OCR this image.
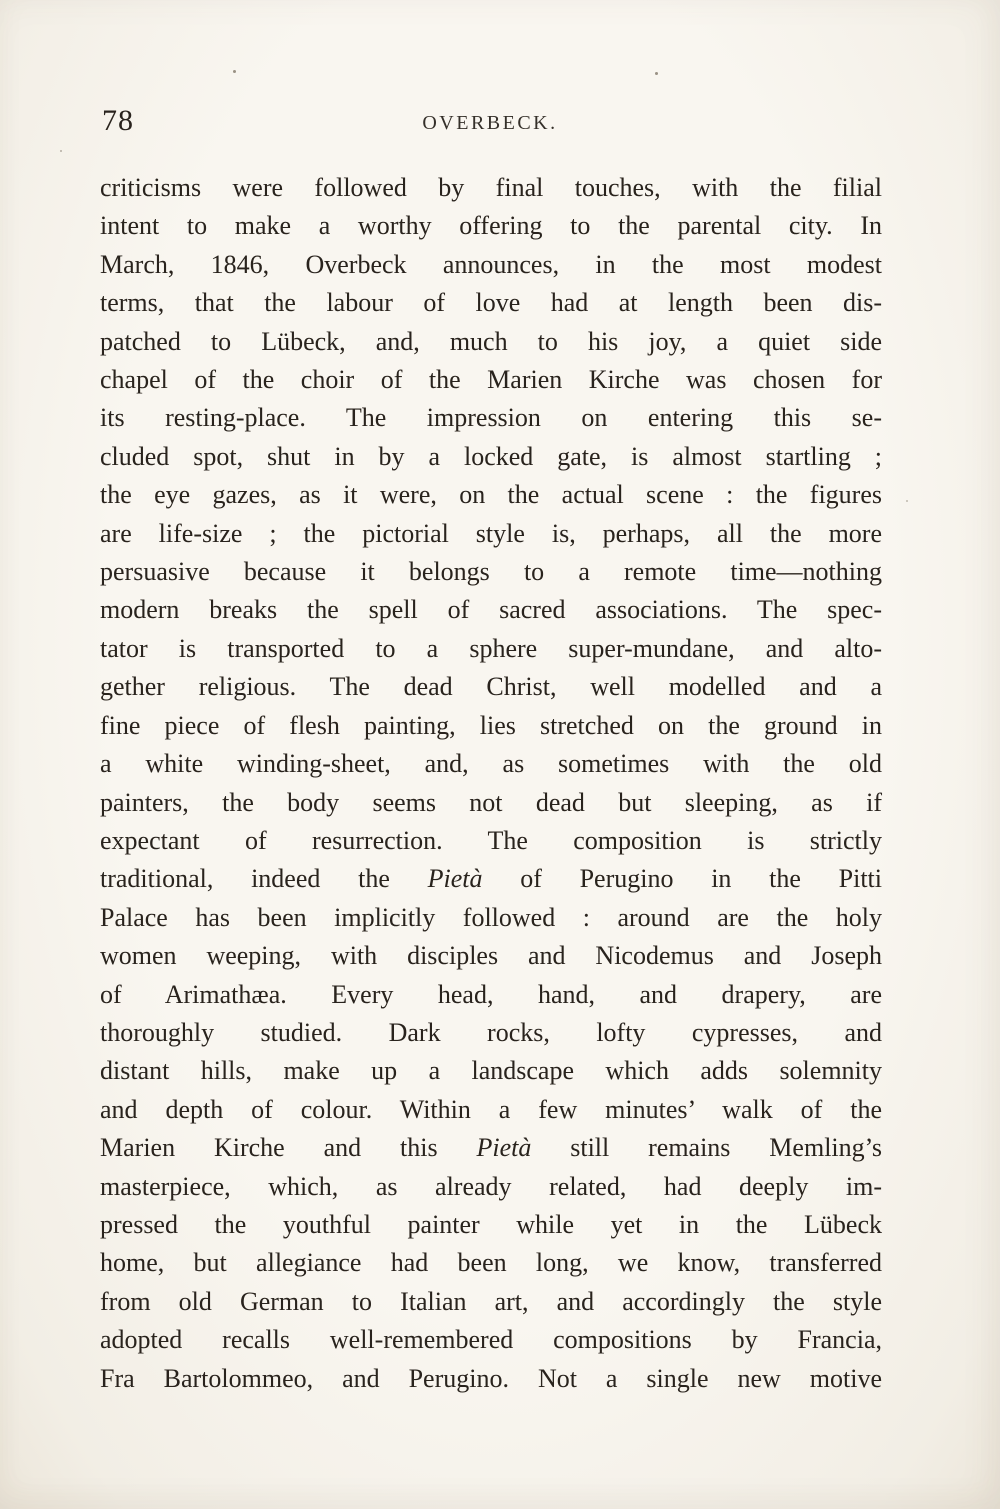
78	OVERBECK.
criticisms were followed by final touches, with the filial
intent to make a worthy offering to the parental city. In
March, 1846, Overbeck announces, in the most modest
terms, that the labour of love had at length been dis-
patched to Lübeck, and, much to his joy, a quiet side
chapel of the choir of the Marien Kirche was chosen for
its resting-place. The impression on entering this se-
cluded spot, shut in by a locked gate, is almost startling ;
the eye gazes, as it were, on the actual scene : the figures
are life-size ; the pictorial style is, perhaps, all the more
persuasive because it belongs to a remote time—nothing
modern breaks the spell of sacred associations. The spec-
tator is transported to a sphere super-mundane, and alto-
gether religious. The dead Christ, well modelled and a
fine piece of flesh painting, lies stretched on the ground in
a white winding-sheet, and, as sometimes with the old
painters, the body seems not dead but sleeping, as if
expectant of resurrection. The composition is strictly
traditional, indeed the Pietà of Perugino in the Pitti
Palace has been implicitly followed : around are the holy
women weeping, with disciples and Nicodemus and Joseph
of Arimathæa. Every head, hand, and drapery, are
thoroughly studied. Dark rocks, lofty cypresses, and
distant hills, make up a landscape which adds solemnity
and depth of colour. Within a few minutes’ walk of the
Marien Kirche and this Pietà still remains Memling’s
masterpiece, which, as already related, had deeply im-
pressed the youthful painter while yet in the Lübeck
home, but allegiance had been long, we know, transferred
from old German to Italian art, and accordingly the style
adopted recalls well-remembered compositions by Francia,
Fra Bartolommeo, and Perugino. Not a single new motive
